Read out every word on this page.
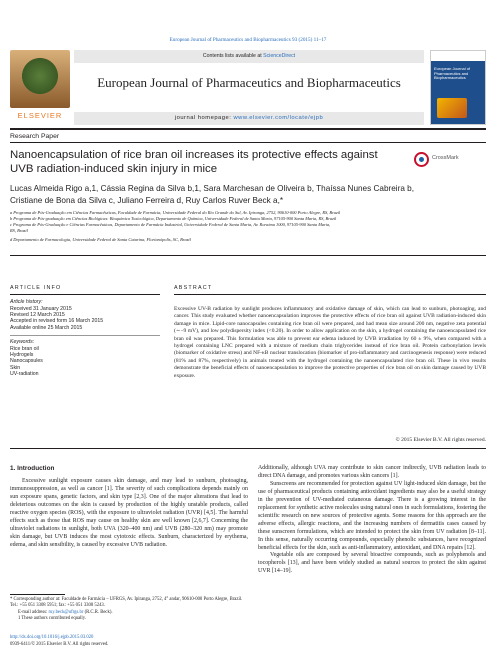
European Journal of Pharmaceutics and Biopharmaceutics 93 (2015) 11–17
ELSEVIER
Contents lists available at ScienceDirect
European Journal of Pharmaceutics and Biopharmaceutics
journal homepage: www.elsevier.com/locate/ejpb
European Journal of Pharmaceutics and Biopharmaceutics
Research Paper
Nanoencapsulation of rice bran oil increases its protective effects against UVB radiation-induced skin injury in mice
CrossMark
Lucas Almeida Rigo a,1, Cássia Regina da Silva b,1, Sara Marchesan de Oliveira b, Thaíssa Nunes Cabreira b,
Cristiane de Bona da Silva c, Juliano Ferreira d, Ruy Carlos Ruver Beck a,*
a Programa de Pós-Graduação em Ciências Farmacêuticas, Faculdade de Farmácia, Universidade Federal do Rio Grande do Sul, Av. Ipiranga, 2752, 90610-000 Porto Alegre, RS, Brazil
b Programa de Pós-graduação em Ciências Biológicas: Bioquímica Toxicológica, Departamento de Química, Universidade Federal de Santa Maria, 97105-900 Santa Maria, RS, Brazil
c Programa de Pós-Graduação e Ciências Farmacêuticas, Departamento de Farmácia Industrial, Universidade Federal de Santa Maria, Av. Roraima 1000, 97105-900 Santa Maria,
RS, Brazil
d Departamento de Farmacologia, Universidade Federal de Santa Catarina, Florianópolis, SC, Brazil
ARTICLE INFO
Article history:
Received 31 January 2015
Revised 12 March 2015
Accepted in revised form 16 March 2015
Available online 25 March 2015
Keywords:
Rice bran oil
Hydrogels
Nanocapsules
Skin
UV-radiation
ABSTRACT
Excessive UV-B radiation by sunlight produces inflammatory and oxidative damage of skin, which can lead to sunburn, photoaging, and cancer. This study evaluated whether nanoencapsulation improves the protective effects of rice bran oil against UVB radiation-induced skin damage in mice. Lipid-core nanocapsules containing rice bran oil were prepared, and had mean size around 200 nm, negative zeta potential (∼−9 mV), and low polydispersity index (<0.20). In order to allow application on the skin, a hydrogel containing the nanoencapsulated rice bran oil was prepared. This formulation was able to prevent ear edema induced by UVB irradiation by 60 ± 9%, when compared with a hydrogel containing LNC prepared with a mixture of medium chain triglycerides instead of rice bran oil. Protein carbonylation levels (biomarker of oxidative stress) and NF-κB nuclear translocation (biomarker of pro-inflammatory and carcinogenesis response) were reduced (81% and 87%, respectively) in animals treated with the hydrogel containing the nanoencapsulated rice bran oil. These in vivo results demonstrate the beneficial effects of nanoencapsulation to improve the protective properties of rice bran oil on skin damage caused by UVB exposure.
© 2015 Elsevier B.V. All rights reserved.
1. Introduction

Excessive sunlight exposure causes skin damage, and may lead to sunburn, photoaging, immunosuppression, as well as cancer [1]. The severity of such complications depends mainly on sun exposure spans, genetic factors, and skin type [2,3]. One of the major alterations that lead to deleterious outcomes on the skin is caused by production of the highly unstable products, called reactive oxygen species (ROS), with the exposure to ultraviolet radiation (UVR) [4,5]. The harmful effects such as those that ROS may cause on healthy skin are well known [2,6,7]. Concerning the ultraviolet radiations in sunlight, both UVA (320–400 nm) and UVB (280–320 nm) may promote skin damage, but UVB induces the most cytotoxic effects. Sunburn, characterized by erythema, edema, and skin sensibility, is caused by excessive UVB radiation.

Additionally, although UVA may contribute to skin cancer indirectly, UVB radiation leads to direct DNA damage, and promotes various skin cancers [1].

Sunscreens are recommended for protection against UV light-induced skin damage, but the use of pharmaceutical products containing antioxidant ingredients may also be a useful strategy in the prevention of UV-mediated cutaneous damage. There is a growing interest in the replacement for synthetic active molecules using natural ones in such formulations, fostering the scientific research on new sources of protective agents. Some reasons for this approach are the adverse effects, allergic reactions, and the increasing numbers of dermatitis cases caused by these sunscreen formulations, which are intended to protect the skin from UV radiation [8–11]. In this sense, naturally occurring compounds, especially phenolic substances, have recognized beneficial effects for the skin, such as anti-inflammatory, antioxidant, and DNA repairs [12].

Vegetable oils are composed by several bioactive compounds, such as polyphenols and tocopherols [13], and have been widely studied as natural sources to protect the skin against UVR [14–19].

* Corresponding author at: Faculdade de Farmácia – UFRGS, Av. Ipiranga, 2752, 4° andar, 90610-000 Porto Alegre, Brazil. Tel.: +55 051 3308 5951; fax: +55 051 3308 5243.
E-mail address: ruy.beck@ufrgs.br (R.C.R. Beck).
1 These authors contributed equally.
http://dx.doi.org/10.1016/j.ejpb.2015.03.020
0939-6411/© 2015 Elsevier B.V. All rights reserved.
